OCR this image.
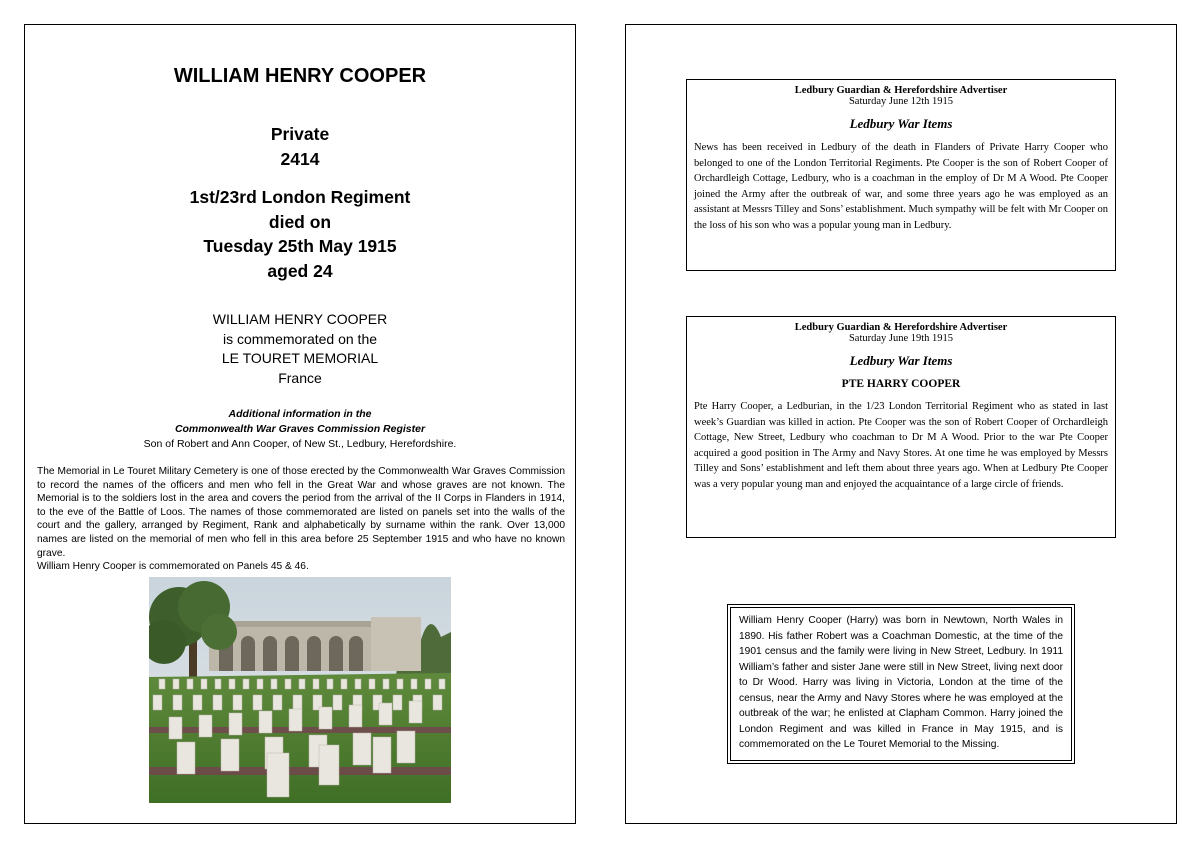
WILLIAM HENRY COOPER
Private
2414
1st/23rd London Regiment
died on
Tuesday 25th May 1915
aged 24
WILLIAM HENRY COOPER
is commemorated on the
LE TOURET MEMORIAL
France
Additional information in the
Commonwealth War Graves Commission Register
Son of Robert and Ann Cooper, of New St., Ledbury, Herefordshire.

The Memorial in Le Touret Military Cemetery is one of those erected by the Commonwealth War Graves Commission to record the names of the officers and men who fell in the Great War and whose graves are not known. The Memorial is to the soldiers lost in the area and covers the period from the arrival of the II Corps in Flanders in 1914, to the eve of the Battle of Loos. The names of those commemorated are listed on panels set into the walls of the court and the gallery, arranged by Regiment, Rank and alphabetically by surname within the rank. Over 13,000 names are listed on the memorial of men who fell in this area before 25 September 1915 and who have no known grave.

William Henry Cooper is commemorated on Panels 45 & 46.

Ledbury Guardian & Herefordshire Advertiser
Saturday June 12th 1915
Ledbury War Items
News has been received in Ledbury of the death in Flanders of Private Harry Cooper who belonged to one of the London Territorial Regiments. Pte Cooper is the son of Robert Cooper of Orchardleigh Cottage, Ledbury, who is a coachman in the employ of Dr M A Wood. Pte Cooper joined the Army after the outbreak of war, and some three years ago he was employed as an assistant at Messrs Tilley and Sons’ establishment. Much sympathy will be felt with Mr Cooper on the loss of his son who was a popular young man in Ledbury.
Ledbury Guardian & Herefordshire Advertiser
Saturday June 19th 1915
Ledbury War Items
PTE HARRY COOPER
Pte Harry Cooper, a Ledburian, in the 1/23 London Territorial Regiment who as stated in last week’s Guardian was killed in action. Pte Cooper was the son of Robert Cooper of Orchardleigh Cottage, New Street, Ledbury who coachman to Dr M A Wood. Prior to the war Pte Cooper acquired a good position in The Army and Navy Stores. At one time he was employed by Messrs Tilley and Sons’ establishment and left them about three years ago. When at Ledbury Pte Cooper was a very popular young man and enjoyed the acquaintance of a large circle of friends.
William Henry Cooper (Harry) was born in Newtown, North Wales in 1890. His father Robert was a Coachman Domestic, at the time of the 1901 census and the family were living in New Street, Ledbury. In 1911 William’s father and sister Jane were still in New Street, living next door to Dr Wood. Harry was living in Victoria, London at the time of the census, near the Army and Navy Stores where he was employed at the outbreak of the war; he enlisted at Clapham Common. Harry joined the London Regiment and was killed in France in May 1915, and is commemorated on the Le Touret Memorial to the Missing.
